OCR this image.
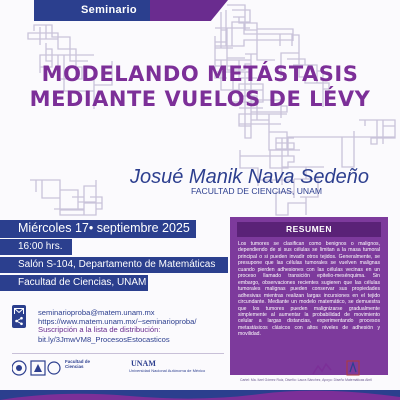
Seminario
MODELANDO METÁSTASIS
MEDIANTE VUELOS DE LÉVY
Josué Manik Nava Sedeño
FACULTAD DE CIENCIAS, UNAM
Miércoles 17• septiembre 2025
16:00 hrs.
Salón S-104, Departamento de Matemáticas
Facultad de Ciencias, UNAM
seminarioproba@matem.unam.mx
https://www.matem.unam.mx/~seminarioproba/
Suscripción a la lista de distribución:
bit.ly/3JmwVM8_ProcesosEstocasticos
RESUMEN
Los tumores se clasifican como benignos o malignos, dependiendo de si sus células se limitan a la masa tumoral principal o si pueden invadir otros tejidos. Generalmente, se presupone que las células tumorales se vuelven malignas cuando pierden adhesiones con las células vecinas en un proceso llamado transición epitelio-mesénquima. Sin embargo, observaciones recientes sugieren que las células tumorales malignas pueden conservar sus propiedades adhesivas mientras realizan largas incursiones en el tejido circundante. Mediante un modelo matemático, se demuestra que los tumores pueden malignizarse gradualmente simplemente al aumentar la probabilidad de movimiento celular a largas distancias, experimentando procesos metastásicos clásicos con altos niveles de adhesión y movilidad.
Cartel: Ma. Itzel Gómez Ruiz, Diseño: Laura Sánchez, Apoyo: Diseño Matemáticas Abril
Facultad de Ciencias	UNAM
Universidad Nacional Autónoma de México
